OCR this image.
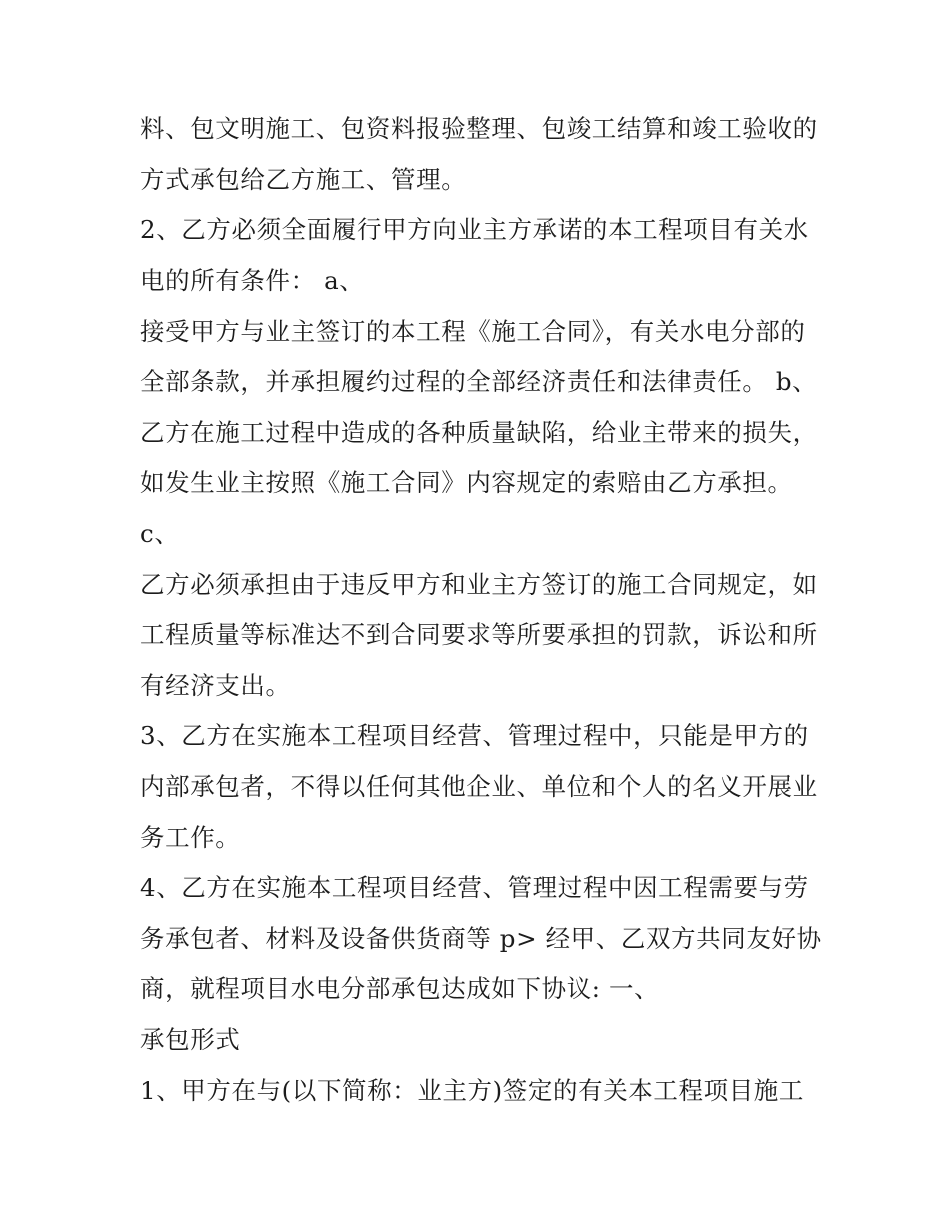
料、包文明施工、包资料报验整理、包竣工结算和竣工验收的
方式承包给乙方施工、管理。
2、乙方必须全面履行甲方向业主方承诺的本工程项目有关水
电的所有条件： a、
接受甲方与业主签订的本工程《施工合同》，有关水电分部的
全部条款，并承担履约过程的全部经济责任和法律责任。 b、
乙方在施工过程中造成的各种质量缺陷，给业主带来的损失，
如发生业主按照《施工合同》内容规定的索赔由乙方承担。
c、
乙方必须承担由于违反甲方和业主方签订的施工合同规定，如
工程质量等标准达不到合同要求等所要承担的罚款，诉讼和所
有经济支出。
3、乙方在实施本工程项目经营、管理过程中，只能是甲方的
内部承包者，不得以任何其他企业、单位和个人的名义开展业
务工作。
4、乙方在实施本工程项目经营、管理过程中因工程需要与劳
务承包者、材料及设备供货商等 p> 经甲、乙双方共同友好协
商，就程项目水电分部承包达成如下协议: 一、
承包形式
1、甲方在与(以下简称：业主方)签定的有关本工程项目施工
